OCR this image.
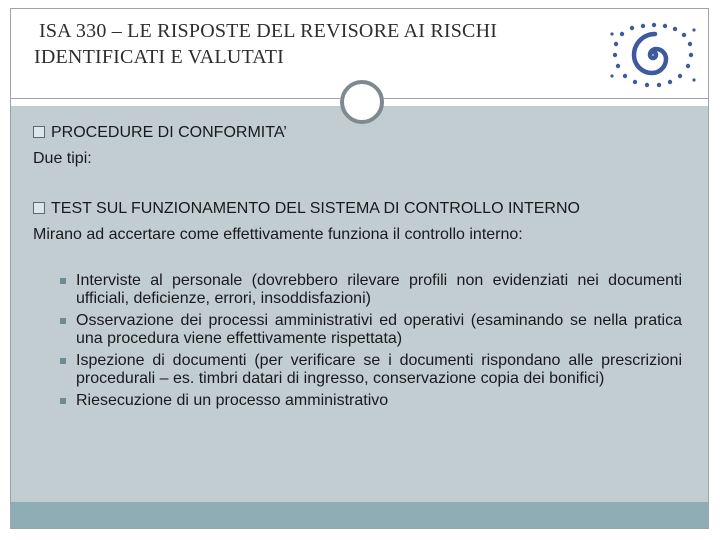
ISA 330 – LE RISPOSTE DEL REVISORE AI RISCHI
IDENTIFICATI E VALUTATI
PROCEDURE DI CONFORMITA’
Due tipi:
TEST SUL FUNZIONAMENTO DEL SISTEMA DI CONTROLLO INTERNO
Mirano ad accertare come effettivamente funziona il controllo interno:
Interviste al personale (dovrebbero rilevare profili non evidenziati nei documenti ufficiali, deficienze, errori, insoddisfazioni)
Osservazione dei processi amministrativi ed operativi (esaminando se nella pratica una procedura viene effettivamente rispettata)
Ispezione di documenti (per verificare se i documenti rispondano alle prescrizioni procedurali – es. timbri datari di ingresso, conservazione copia dei bonifici)
Riesecuzione di un processo amministrativo
